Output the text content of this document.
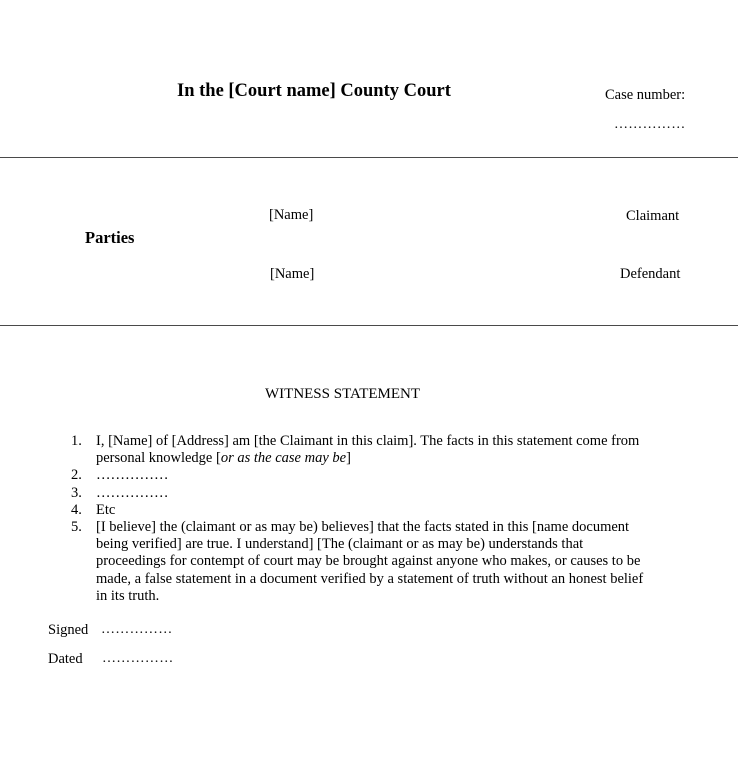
In the [Court name] County Court	Case number:
……………
Parties
[Name]	Claimant
[Name]	Defendant
WITNESS STATEMENT
1. I, [Name] of [Address] am [the Claimant in this claim]. The facts in this statement come from personal knowledge [or as the case may be]
2. ……………
3. ……………
4. Etc
5. [I believe] the (claimant or as may be) believes] that the facts stated in this [name document being verified] are true. I understand] [The (claimant or as may be) understands that proceedings for contempt of court may be brought against anyone who makes, or causes to be made, a false statement in a document verified by a statement of truth without an honest belief in its truth.
Signed ……………
Dated ……………
